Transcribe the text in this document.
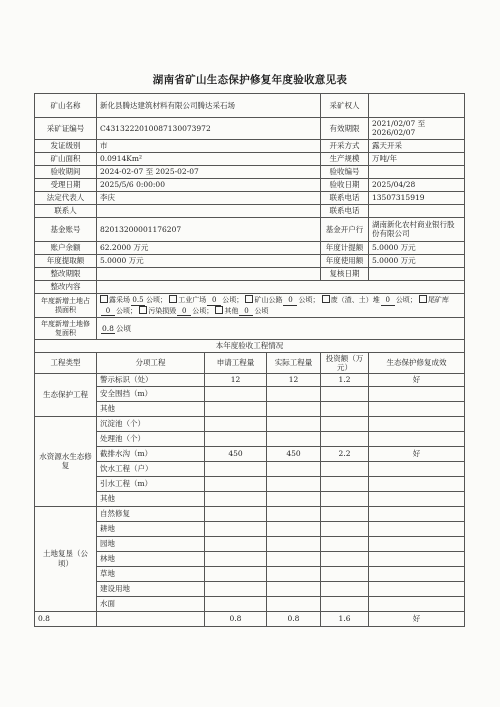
湖南省矿山生态保护修复年度验收意见表
矿山名称	新化县腾达建筑材料有限公司腾达采石场			采矿权人	
采矿证编号	C4313222010087130073972			有效期限	2021/02/07 至 2026/02/07
发证级别	市			开采方式	露天开采
矿山面积	0.0914Km²			生产规模	万吨/年
验收期间	2024-02-07 至 2025-02-07			验收编号	
受理日期	2025/5/6 0:00:00			验收日期	2025/04/28
法定代表人	李庆			联系电话	13507315919
联系人				联系电话	
基金账号	82013200001176207			基金开户行	湖南新化农村商业银行股份有限公司
账户余额	62.2000 万元			年度计提额	5.0000 万元
年度提取额	5.0000 万元			年度使用额	5.0000 万元
整改期限				复核日期	
整改内容					
年度新增土地占损面积	露采场 0.5 公顷； 工业广场 0 公顷； 矿山公路 0 公顷； 废（渣、土）堆 0 公顷； 尾矿库0 公顷； 污染损毁 0 公顷； 其他 0 公顷				
年度新增土地修复面积	0.8 公顷				
本年度验收工程情况					
工程类型	分项工程	申请工程量	实际工程量	投资额（万元）	生态保护修复成效
生态保护工程	警示标识（处）	12	12	1.2	好
	安全围挡（m）				
	其他				
水资源水生态修复	沉淀池（个）				
	处理池（个）				
	截排水沟（m）	450	450	2.2	好
	饮水工程（户）				
	引水工程（m）				
	其他				
土地复垦（公顷）	自然修复				
	耕地				
	园地				
	林地				
	草地				
	建设用地				
	水面				
0.8		0.8	0.8	1.6	好
